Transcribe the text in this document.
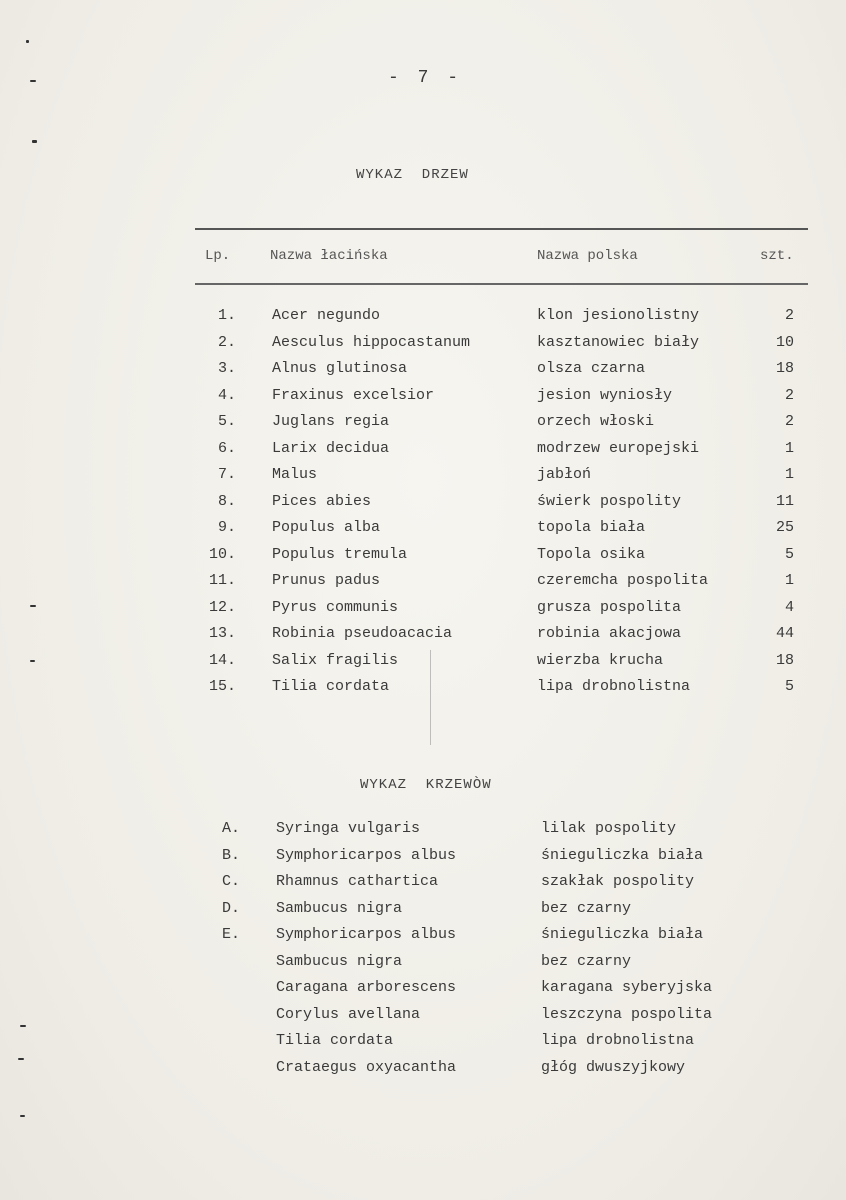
- 7 -
WYKAZ  DRZEW
Lp.	Nazwa łacińska	Nazwa polska	szt.
1. Acer negundo	klon jesionolistny	2
2. Aesculus hippocastanum	kasztanowiec biały	10
3. Alnus glutinosa	olsza czarna	18
4. Fraxinus excelsior	jesion wyniosły	2
5. Juglans regia	orzech włoski	2
6. Larix decidua	modrzew europejski	1
7. Malus	jabłoń	1
8. Pices abies	świerk pospolity	11
9. Populus alba	topola biała	25
10. Populus tremula	Topola osika	5
11. Prunus padus	czeremcha pospolita	1
12. Pyrus communis	grusza pospolita	4
13. Robinia pseudoacacia	robinia akacjowa	44
14. Salix fragilis	wierzba krucha	18
15. Tilia cordata	lipa drobnolistna	5
WYKAZ  KRZEWÒW
A. Syringa vulgaris	lilak pospolity
B. Symphoricarpos albus	śnieguliczka biała
C. Rhamnus cathartica	szakłak pospolity
D. Sambucus nigra	bez czarny
E. Symphoricarpos albus	śnieguliczka biała
Sambucus nigra	bez czarny
Caragana arborescens	karagana syberyjska
Corylus avellana	leszczyna pospolita
Tilia cordata	lipa drobnolistna
Crataegus oxyacantha	głóg dwuszyjkowy
